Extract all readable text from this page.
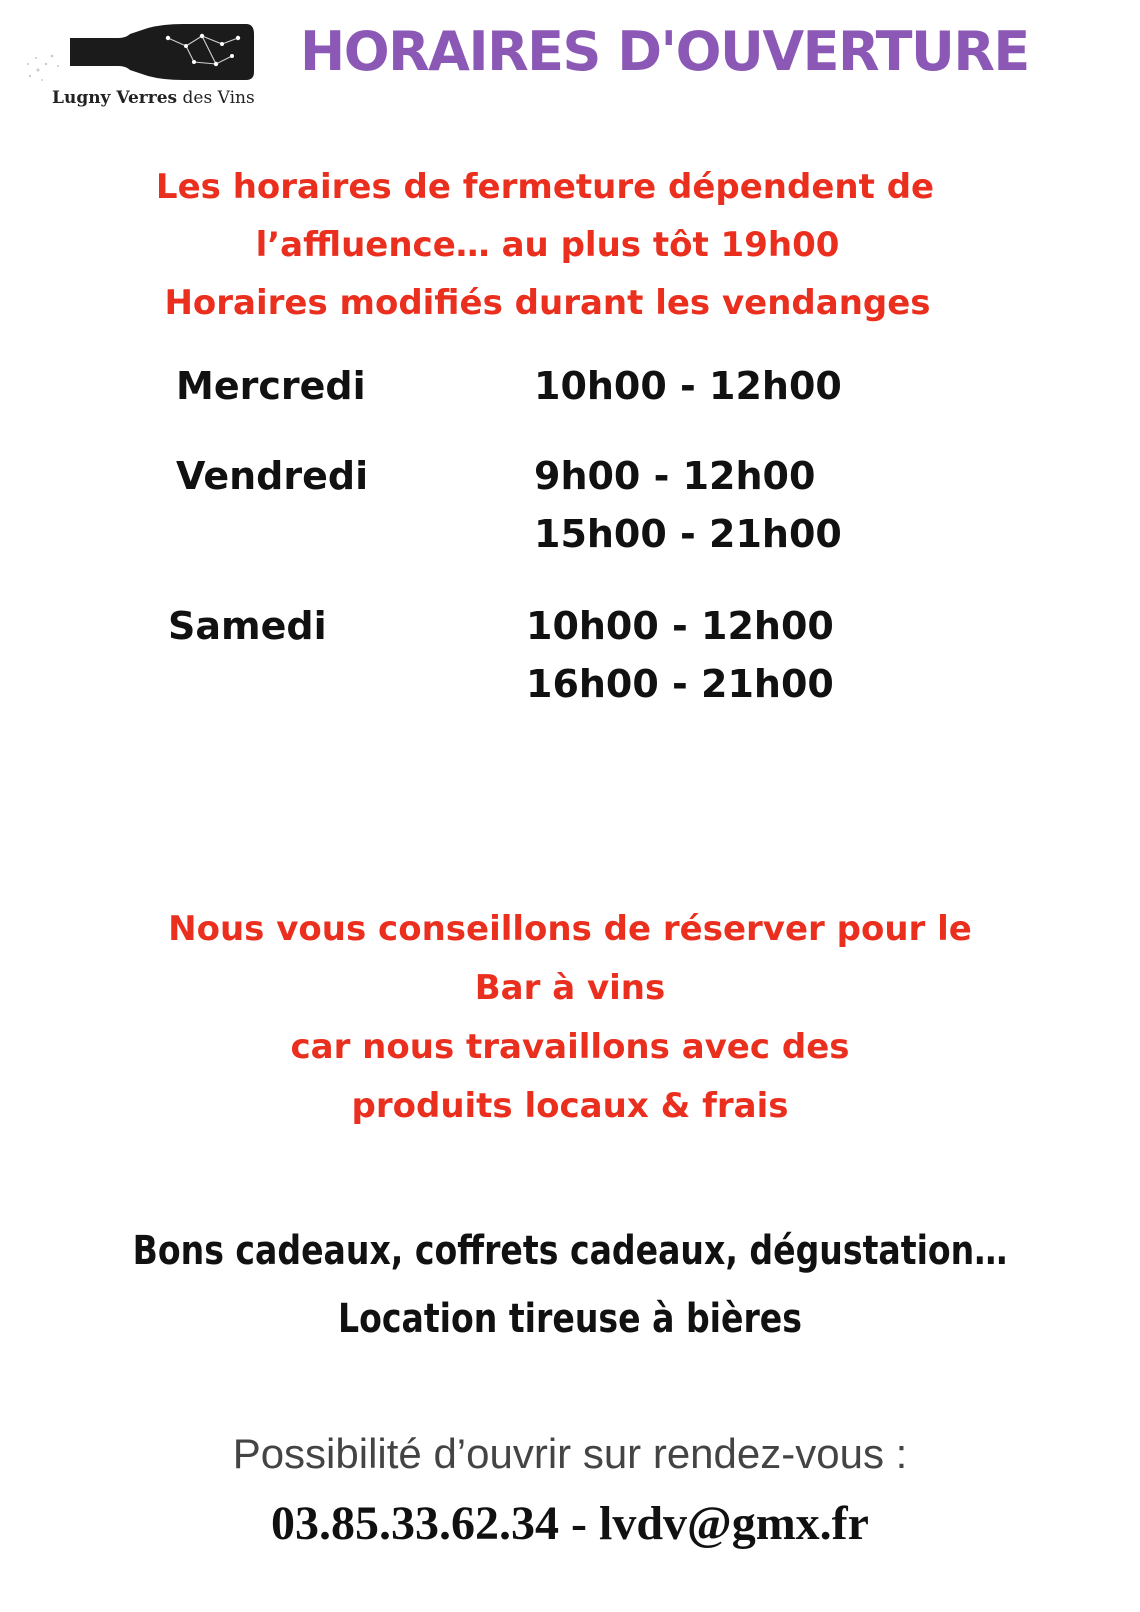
Lugny Verres des Vins
HORAIRES D'OUVERTURE
Les horaires de fermeture dépendent de
l’affluence… au plus tôt 19h00
Horaires modifiés durant les vendanges
Mercredi	10h00 - 12h00
Vendredi	9h00 - 12h00
15h00 - 21h00
Samedi	10h00 - 12h00
16h00 - 21h00
Nous vous conseillons de réserver pour le
Bar à vins
car nous travaillons avec des
produits locaux & frais
Bons cadeaux, coffrets cadeaux, dégustation…
Location tireuse à bières
Possibilité d’ouvrir sur rendez-vous :
03.85.33.62.34 - lvdv@gmx.fr
